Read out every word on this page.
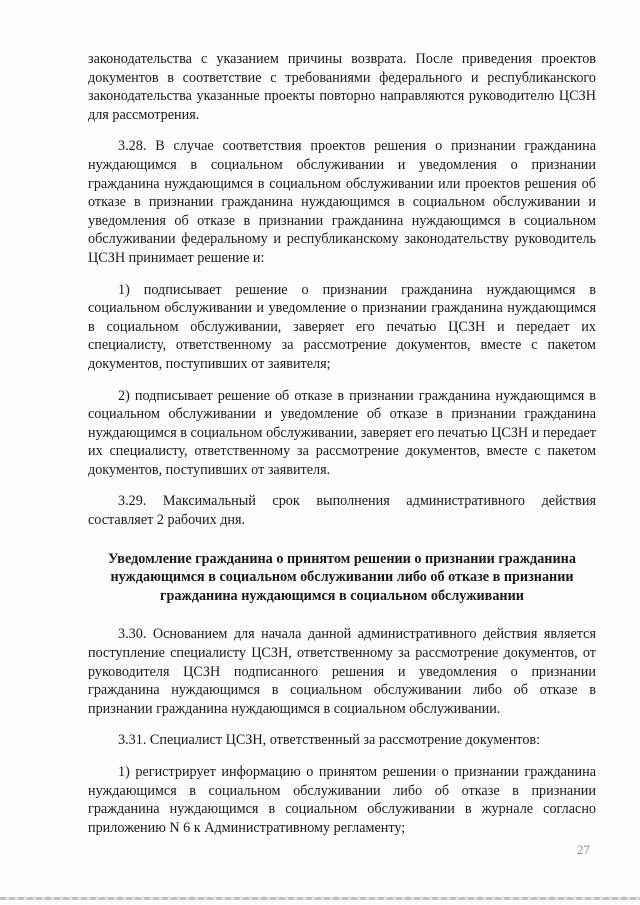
законодательства с указанием причины возврата. После приведения проектов документов в соответствие с требованиями федерального и республиканского законодательства указанные проекты повторно направляются руководителю ЦСЗН для рассмотрения.

3.28. В случае соответствия проектов решения о признании гражданина нуждающимся в социальном обслуживании и уведомления о признании гражданина нуждающимся в социальном обслуживании или проектов решения об отказе в признании гражданина нуждающимся в социальном обслуживании и уведомления об отказе в признании гражданина нуждающимся в социальном обслуживании федеральному и республиканскому законодательству руководитель ЦСЗН принимает решение и:

1) подписывает решение о признании гражданина нуждающимся в социальном обслуживании и уведомление о признании гражданина нуждающимся в социальном обслуживании, заверяет его печатью ЦСЗН и передает их специалисту, ответственному за рассмотрение документов, вместе с пакетом документов, поступивших от заявителя;

2) подписывает решение об отказе в признании гражданина нуждающимся в социальном обслуживании и уведомление об отказе в признании гражданина нуждающимся в социальном обслуживании, заверяет его печатью ЦСЗН и передает их специалисту, ответственному за рассмотрение документов, вместе с пакетом документов, поступивших от заявителя.

3.29. Максимальный срок выполнения административного действия составляет 2 рабочих дня.

Уведомление гражданина о принятом решении о признании гражданина нуждающимся в социальном обслуживании либо об отказе в признании гражданина нуждающимся в социальном обслуживании

3.30. Основанием для начала данной административного действия является поступление специалисту ЦСЗН, ответственному за рассмотрение документов, от руководителя ЦСЗН подписанного решения и уведомления о признании гражданина нуждающимся в социальном обслуживании либо об отказе в признании гражданина нуждающимся в социальном обслуживании.

3.31. Специалист ЦСЗН, ответственный за рассмотрение документов:

1) регистрирует информацию о принятом решении о признании гражданина нуждающимся в социальном обслуживании либо об отказе в признании гражданина нуждающимся в социальном обслуживании в журнале согласно приложению N 6 к Административному регламенту;

27
